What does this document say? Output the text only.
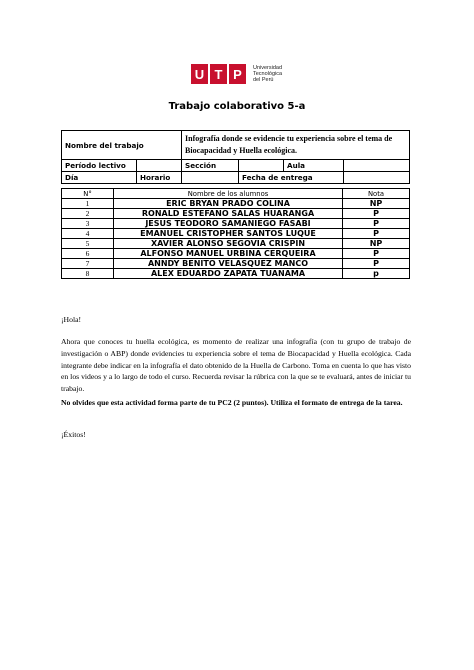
U T P	Universidad
Tecnológica
del Perú
Trabajo colaborativo 5-a
Nombre del trabajo		Infografía donde se evidencie tu experiencia sobre el tema de Biocapacidad y Huella ecológica.			
Período lectivo		Sección		Aula	
Día	Horario		Fecha de entrega		
N°	Nombre de los alumnos	Nota
1	ERIC BRYAN PRADO COLINA	NP
2	RONALD ESTEFANO SALAS HUARANGA	P
3	JESUS TEODORO SAMANIEGO FASABI	P
4	EMANUEL CRISTOPHER SANTOS LUQUE	P
5	XAVIER ALONSO SEGOVIA CRISPIN	NP
6	ALFONSO MANUEL URBINA CERQUEIRA	P
7	ANNDY BENITO VELASQUEZ MANCO	P
8	ALEX EDUARDO ZAPATA TUANAMA	p
¡Hola!
Ahora que conoces tu huella ecológica, es momento de realizar una infografía (con tu grupo de trabajo de investigación o ABP) donde evidencies tu experiencia sobre el tema de Biocapacidad y Huella ecológica. Cada integrante debe indicar en la infografía el dato obtenido de la Huella de Carbono. Toma en cuenta lo que has visto en los videos y a lo largo de todo el curso. Recuerda revisar la rúbrica con la que se te evaluará, antes de iniciar tu trabajo.
No olvides que esta actividad forma parte de tu PC2 (2 puntos). Utiliza el formato de entrega de la tarea.
¡Éxitos!
